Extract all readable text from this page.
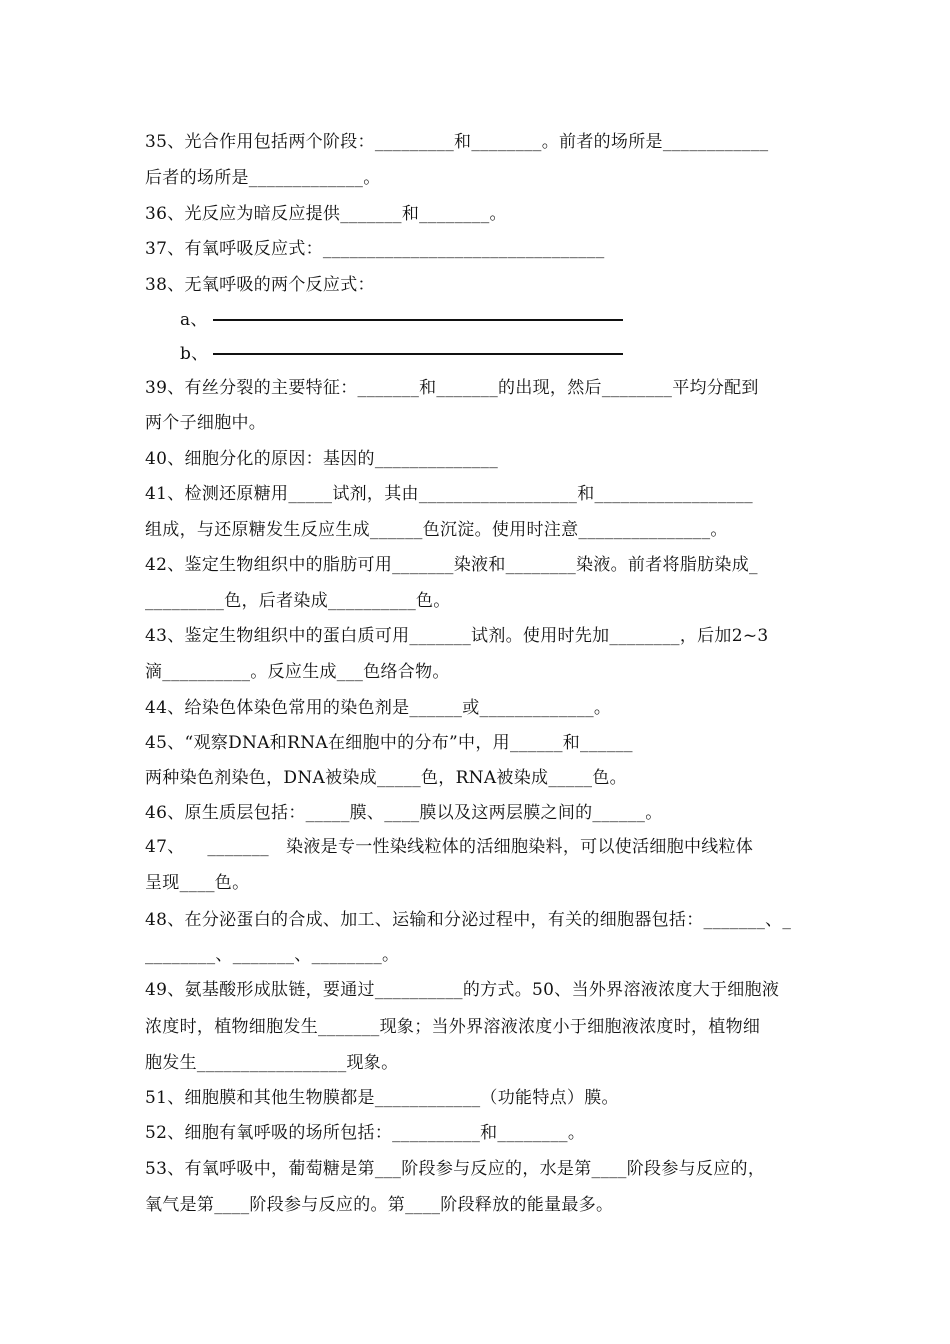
35、光合作用包括两个阶段：_________和________。前者的场所是____________
后者的场所是_____________。
36、光反应为暗反应提供_______和________。
37、有氧呼吸反应式：________________________________
38、无氧呼吸的两个反应式：
a、
b、
39、有丝分裂的主要特征：_______和_______的出现，然后________平均分配到
两个子细胞中。
40、细胞分化的原因：基因的______________
41、检测还原糖用_____试剂，其由__________________和__________________
组成，与还原糖发生反应生成______色沉淀。使用时注意_______________。
42、鉴定生物组织中的脂肪可用_______染液和________染液。前者将脂肪染成_
_________色，后者染成__________色。
43、鉴定生物组织中的蛋白质可用_______试剂。使用时先加________，后加2~3
滴__________。反应生成___色络合物。
44、给染色体染色常用的染色剂是______或_____________。
45、“观察DNA和RNA在细胞中的分布”中，用______和______
两种染色剂染色，DNA被染成_____色，RNA被染成_____色。
46、原生质层包括：_____膜、____膜以及这两层膜之间的______。
47、    _______   染液是专一性染线粒体的活细胞染料，可以使活细胞中线粒体
呈现____色。
48、在分泌蛋白的合成、加工、运输和分泌过程中，有关的细胞器包括：_______、_
________、_______、________。
49、氨基酸形成肽链，要通过__________的方式。50、当外界溶液浓度大于细胞液
浓度时，植物细胞发生_______现象；当外界溶液浓度小于细胞液浓度时，植物细
胞发生_________________现象。
51、细胞膜和其他生物膜都是____________（功能特点）膜。
52、细胞有氧呼吸的场所包括：__________和________。
53、有氧呼吸中，葡萄糖是第___阶段参与反应的，水是第____阶段参与反应的，
氧气是第____阶段参与反应的。第____阶段释放的能量最多。
